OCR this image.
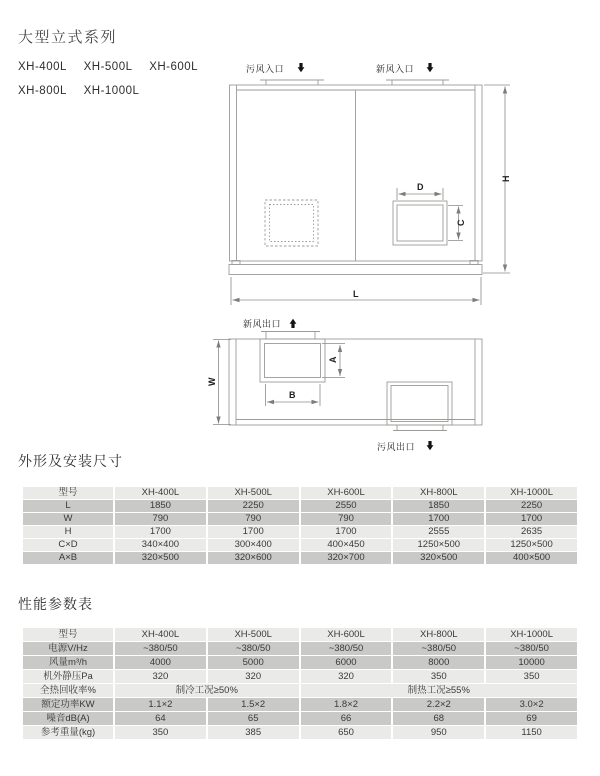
大型立式系列
XH-400L XH-500L XH-600L
XH-800L XH-1000L
污风入口	新风入口
D
C
H
L
新风出口
污风出口
W
A
B
外形及安装尺寸
型号	XH-400L	XH-500L	XH-600L	XH-800L	XH-1000L
L	1850	2250	2550	1850	2250
W	790	790	790	1700	1700
H	1700	1700	1700	2555	2635
C×D	340×400	300×400	400×450	1250×500	1250×500
A×B	320×500	320×600	320×700	320×500	400×500
性能参数表
型号	XH-400L	XH-500L	XH-600L	XH-800L	XH-1000L
电源V/Hz	~380/50	~380/50	~380/50	~380/50	~380/50
风量m³/h	4000	5000	6000	8000	10000
机外静压Pa	320	320	320	350	350
全热回收率%	制冷工况≥50%		制热工况≥55%		
额定功率KW	1.1×2	1.5×2	1.8×2	2.2×2	3.0×2
噪音dB(A)	64	65	66	68	69
参考重量(kg)	350	385	650	950	1150
